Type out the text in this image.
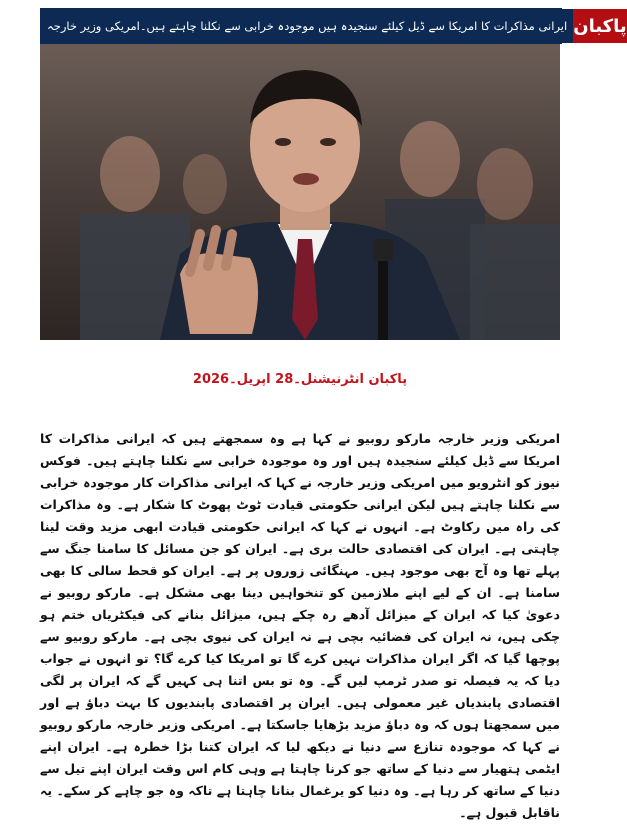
ایرانی مذاکرات کا امریکا سے ڈیل کیلئے سنجیدہ ہیں موجودہ خرابی سے نکلنا چاہتے ہیں۔امریکی وزیر خارجہ پاکبان
پاکبان انٹرنیشنل۔28 اپریل۔2026

امریکی وزیر خارجہ مارکو روبیو نے کہا ہے وہ سمجھتے ہیں کہ ایرانی مذاکرات کا امریکا سے ڈیل کیلئے سنجیدہ ہیں اور وہ موجودہ خرابی سے نکلنا چاہتے ہیں۔ فوکس نیوز کو انٹرویو میں امریکی وزیر خارجہ نے کہا کہ ایرانی مذاکرات کار موجودہ خرابی سے نکلنا چاہتے ہیں لیکن ایرانی حکومتی قیادت ٹوٹ پھوٹ کا شکار ہے۔ وہ مذاکرات کی راہ میں رکاوٹ ہے۔ انہوں نے کہا کہ ایرانی حکومتی قیادت ابھی مزید وقت لینا چاہتی ہے۔ ایران کی اقتصادی حالت بری ہے۔ ایران کو جن مسائل کا سامنا جنگ سے پہلے تھا وہ آج بھی موجود ہیں۔ مہنگائی زوروں پر ہے۔ ایران کو قحط سالی کا بھی سامنا ہے۔ ان کے لیے اپنے ملازمین کو تنخواہیں دینا بھی مشکل ہے۔ مارکو روبیو نے دعویٰ کیا کہ ایران کے میزائل آدھے رہ چکے ہیں، میزائل بنانے کی فیکٹریاں ختم ہو چکی ہیں، نہ ایران کی فضائیہ بچی ہے نہ ایران کی نیوی بچی ہے۔ مارکو روبیو سے پوچھا گیا کہ اگر ایران مذاکرات نہیں کرے گا تو امریکا کیا کرے گا؟ تو انہوں نے جواب دیا کہ یہ فیصلہ تو صدر ٹرمپ لیں گے۔ وہ تو بس اتنا ہی کہیں گے کہ ایران پر لگی اقتصادی پابندیاں غیر معمولی ہیں۔ ایران پر اقتصادی پابندیوں کا بہت دباؤ ہے اور میں سمجھتا ہوں کہ وہ دباؤ مزید بڑھایا جاسکتا ہے۔ امریکی وزیر خارجہ مارکو روبیو نے کہا کہ موجودہ تنازع سے دنیا نے دیکھ لیا کہ ایران کتنا بڑا خطرہ ہے۔ ایران اپنے ایٹمی ہتھیار سے دنیا کے ساتھ جو کرنا چاہتا ہے وہی کام اس وقت ایران اپنے تیل سے دنیا کے ساتھ کر رہا ہے۔ وہ دنیا کو یرغمال بنانا چاہتا ہے تاکہ وہ جو چاہے کر سکے۔ یہ ناقابل قبول ہے۔
